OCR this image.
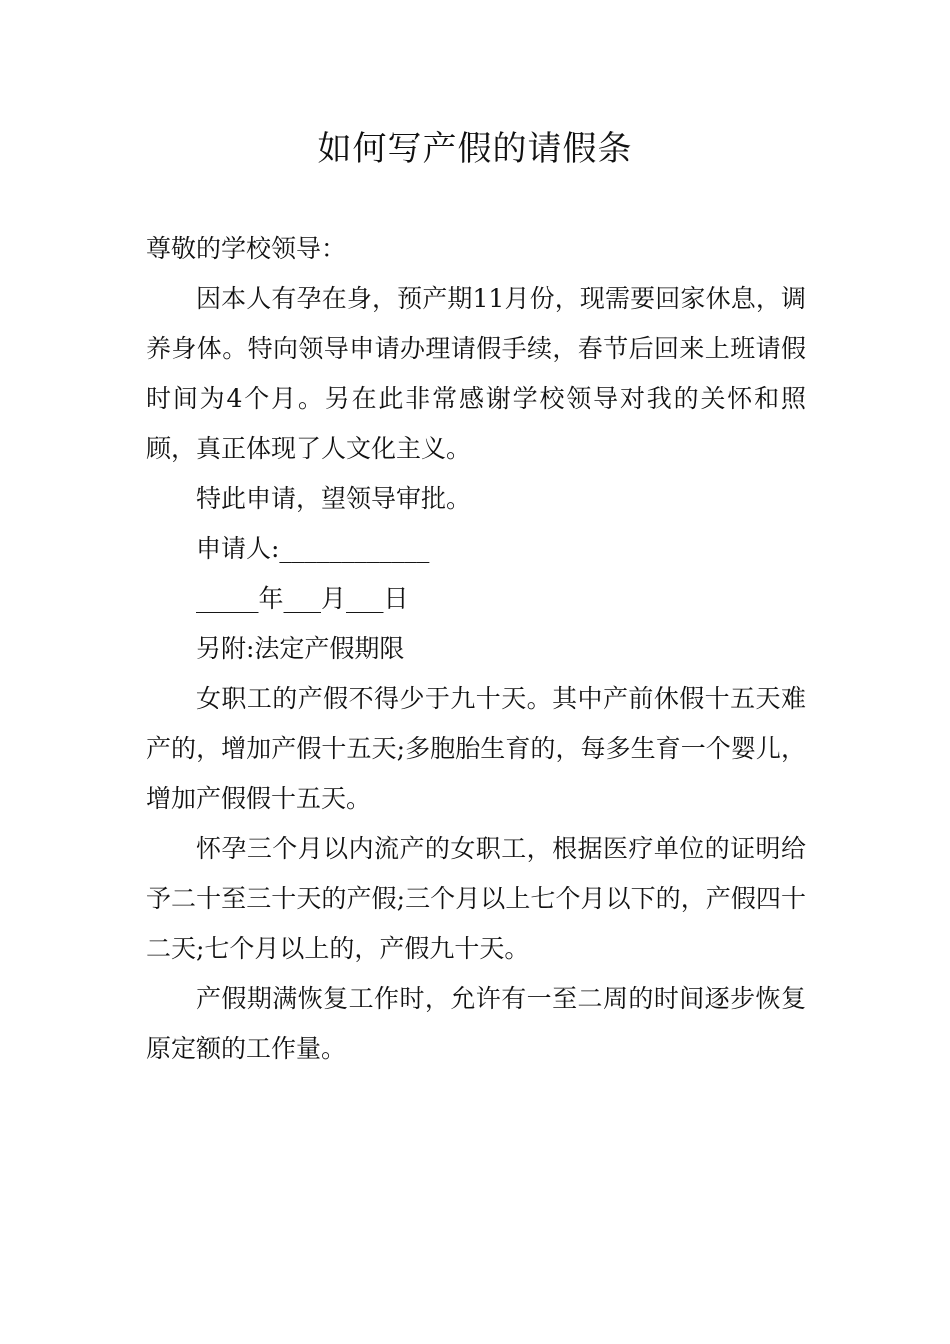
如何写产假的请假条

尊敬的学校领导：

因本人有孕在身，预产期11月份，现需要回家休息，调养身体。特向领导申请办理请假手续，春节后回来上班请假时间为4个月。另在此非常感谢学校领导对我的关怀和照顾，真正体现了人文化主义。

特此申请，望领导审批。

申请人:____________

_____年___月___日

另附:法定产假期限

女职工的产假不得少于九十天。其中产前休假十五天难产的，增加产假十五天;多胞胎生育的，每多生育一个婴儿，增加产假假十五天。

怀孕三个月以内流产的女职工，根据医疗单位的证明给予二十至三十天的产假;三个月以上七个月以下的，产假四十二天;七个月以上的，产假九十天。

产假期满恢复工作时，允许有一至二周的时间逐步恢复原定额的工作量。
